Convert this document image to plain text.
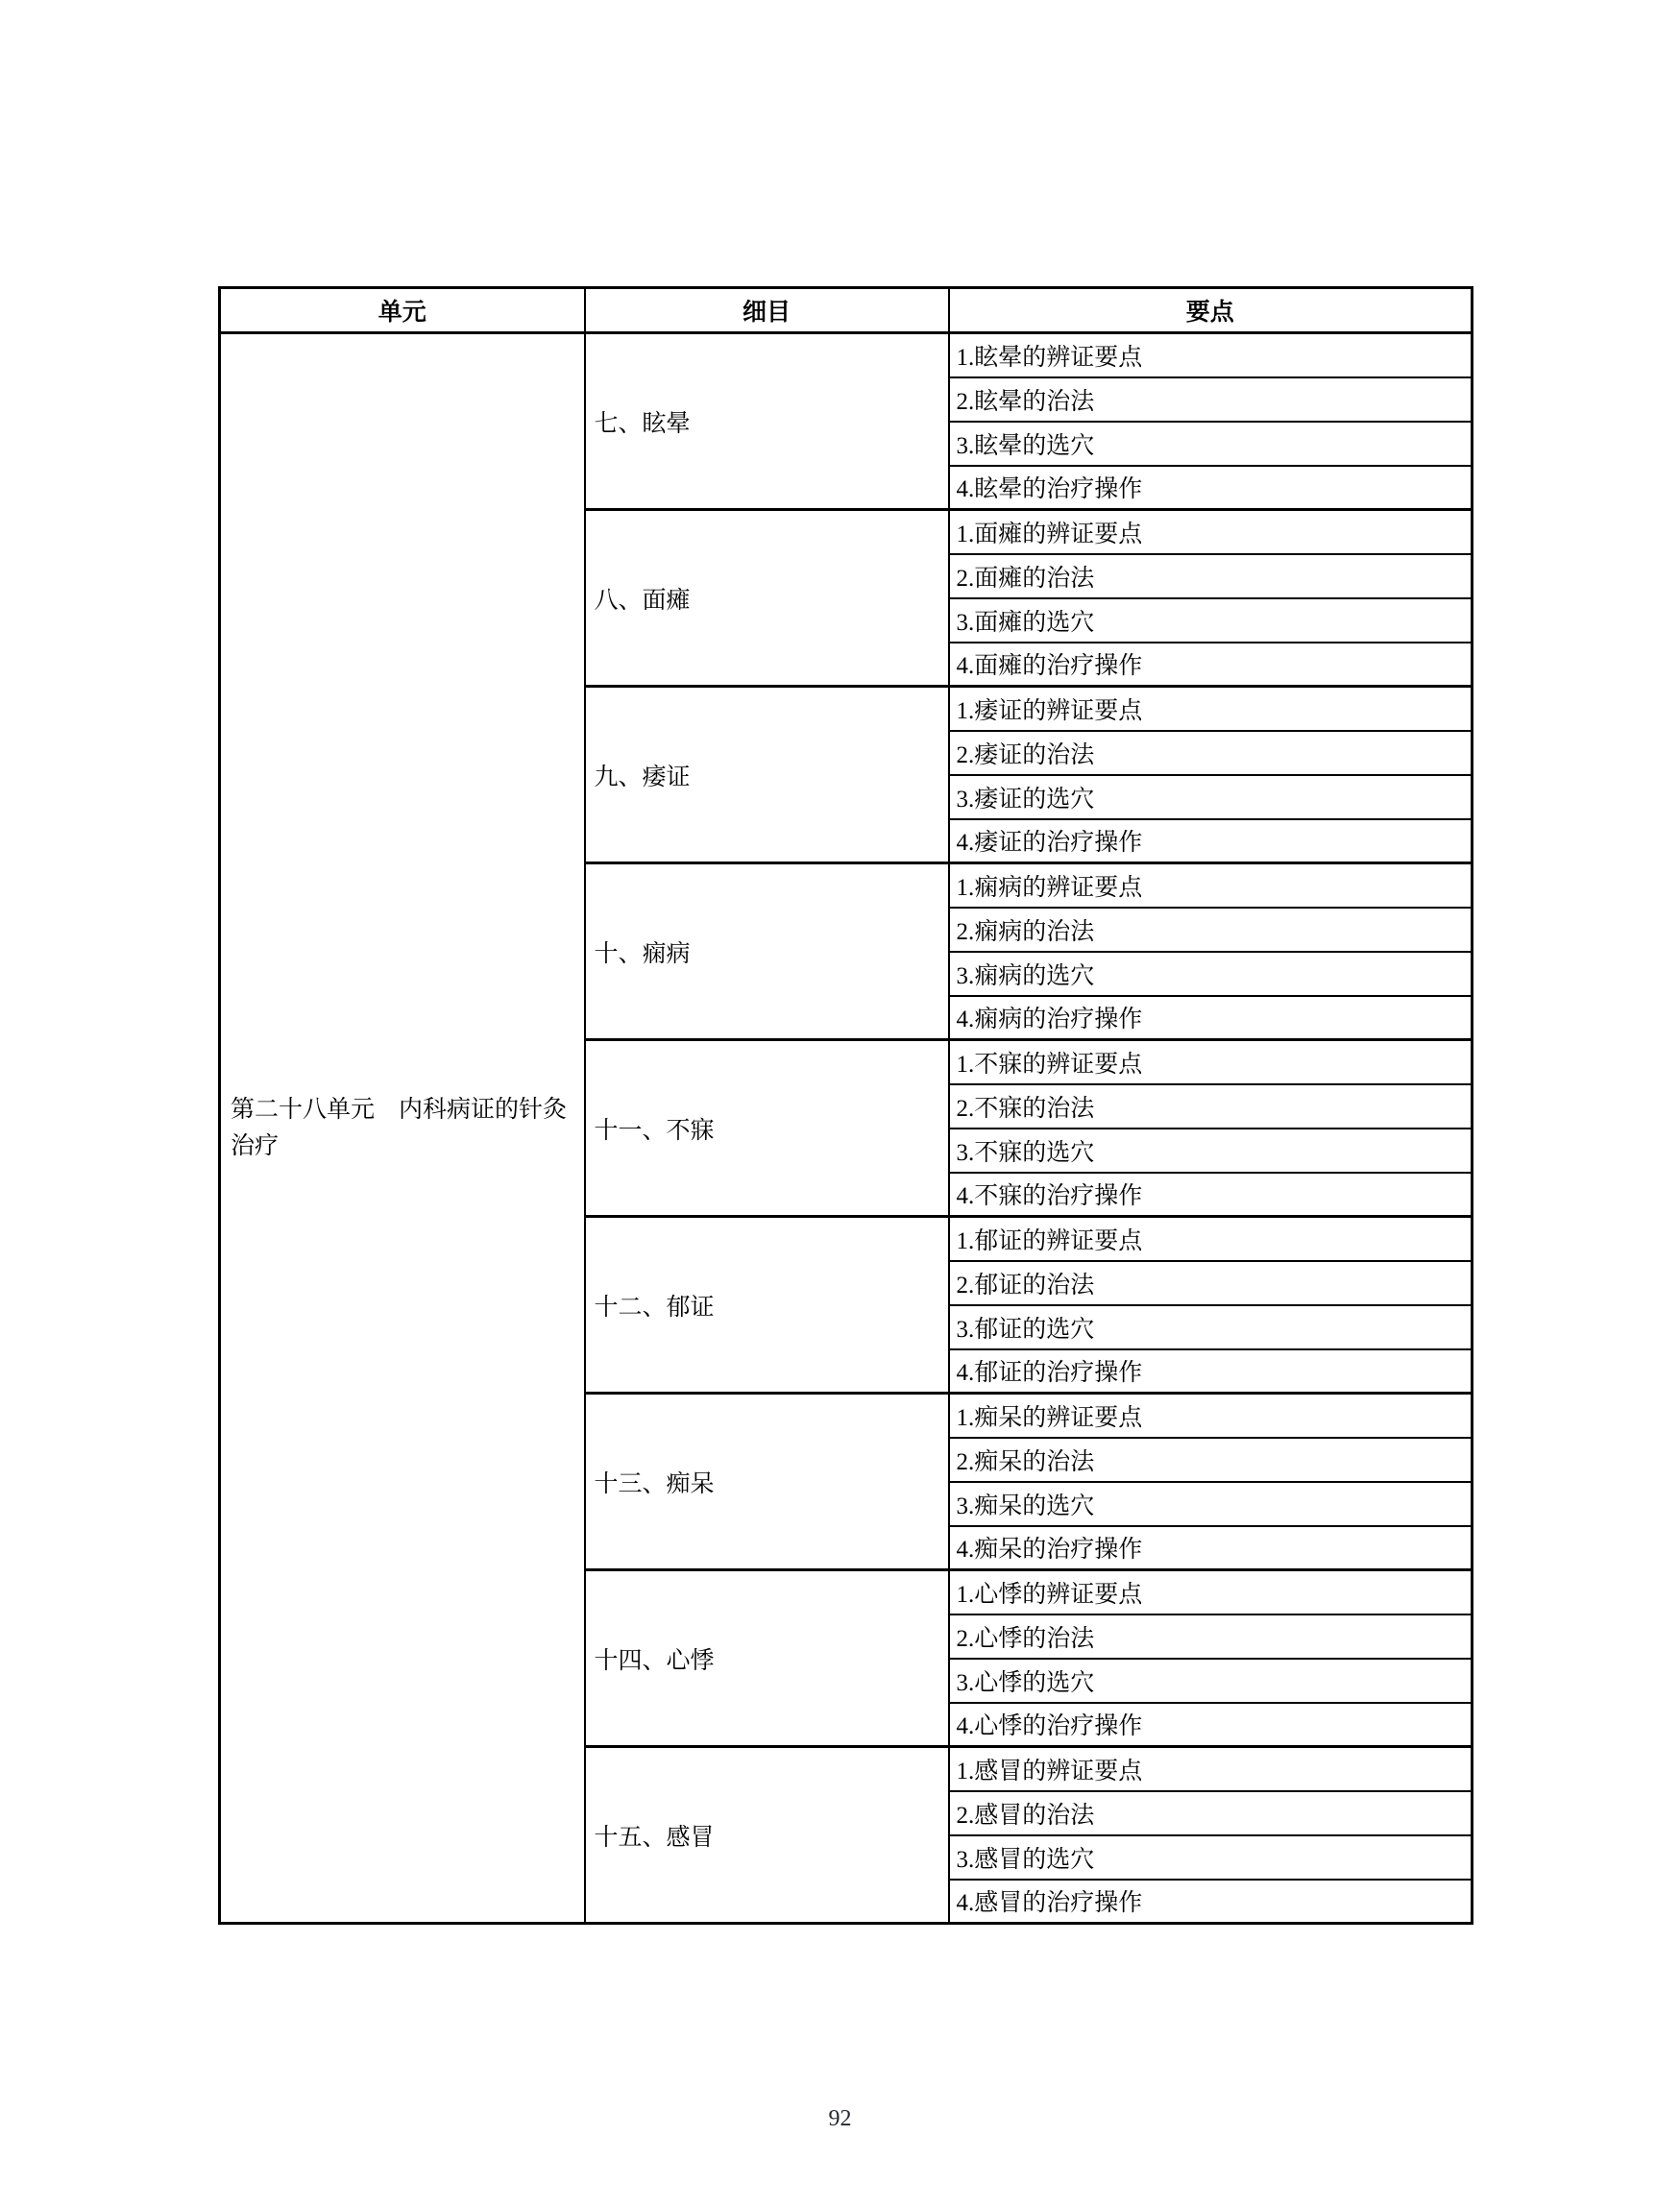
单元	细目	要点
第二十八单元　内科病证的针灸治疗	七、眩晕	1.眩晕的辨证要点
		2.眩晕的治法
		3.眩晕的选穴
		4.眩晕的治疗操作
	八、面瘫	1.面瘫的辨证要点
		2.面瘫的治法
		3.面瘫的选穴
		4.面瘫的治疗操作
	九、痿证	1.痿证的辨证要点
		2.痿证的治法
		3.痿证的选穴
		4.痿证的治疗操作
	十、痫病	1.痫病的辨证要点
		2.痫病的治法
		3.痫病的选穴
		4.痫病的治疗操作
	十一、不寐	1.不寐的辨证要点
		2.不寐的治法
		3.不寐的选穴
		4.不寐的治疗操作
	十二、郁证	1.郁证的辨证要点
		2.郁证的治法
		3.郁证的选穴
		4.郁证的治疗操作
	十三、痴呆	1.痴呆的辨证要点
		2.痴呆的治法
		3.痴呆的选穴
		4.痴呆的治疗操作
	十四、心悸	1.心悸的辨证要点
		2.心悸的治法
		3.心悸的选穴
		4.心悸的治疗操作
	十五、感冒	1.感冒的辨证要点
		2.感冒的治法
		3.感冒的选穴
		4.感冒的治疗操作
92
